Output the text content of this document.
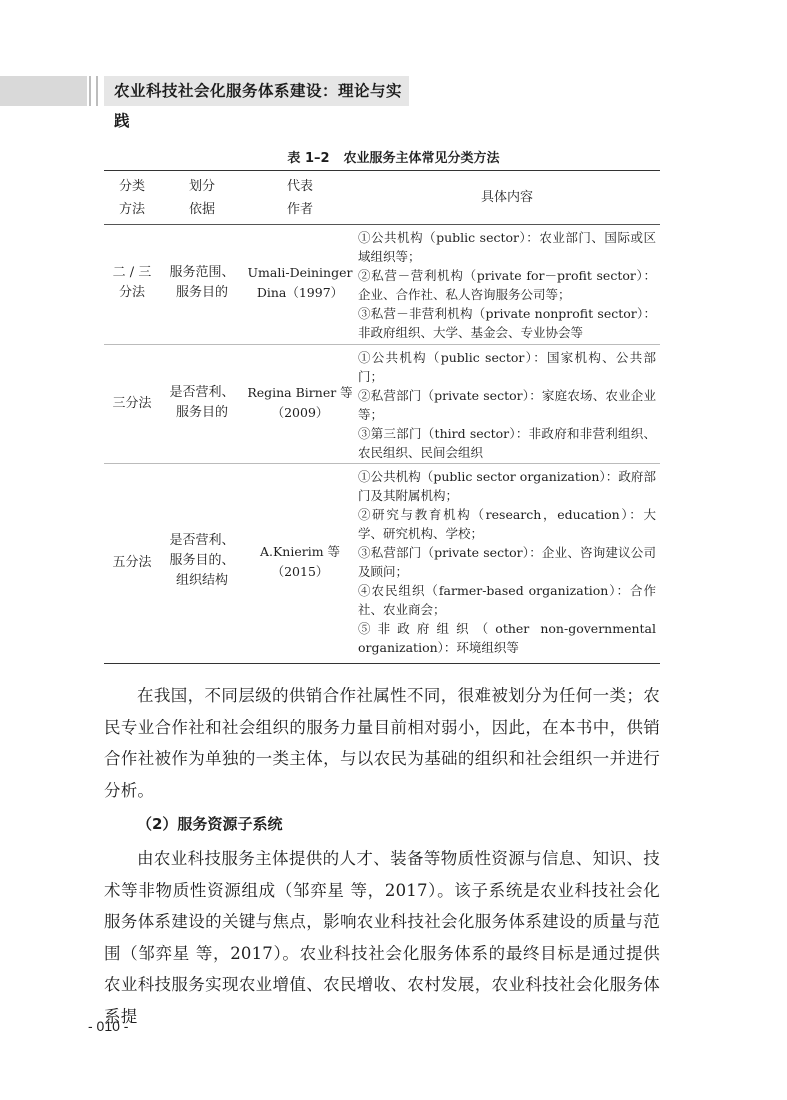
农业科技社会化服务体系建设：理论与实践
表 1–2 农业服务主体常见分类方法
分类
方法
划分
依据
代表
作者
具体内容
二 / 三
分法
服务范围、
服务目的
Umali-Deininger
Dina（1997）
①公共机构（public sector）：农业部门、国际或区域组织等；
②私营－营利机构（private for－profit sector）：企业、合作社、私人咨询服务公司等；
③私营－非营利机构（private nonprofit sector）：非政府组织、大学、基金会、专业协会等
三分法
是否营利、
服务目的
Regina Birner 等
（2009）
①公共机构（public sector）：国家机构、公共部门；
②私营部门（private sector）：家庭农场、农业企业等；
③第三部门（third sector）：非政府和非营利组织、农民组织、民间会组织
五分法
是否营利、
服务目的、
组织结构
A.Knierim 等
（2015）
①公共机构（public sector organization）：政府部门及其附属机构；
②研究与教育机构（research，education）：大学、研究机构、学校；
③私营部门（private sector）：企业、咨询建议公司及顾问；
④农民组织（farmer-based organization）：合作社、农业商会；
⑤非政府组织（other non-governmental organization）：环境组织等
在我国，不同层级的供销合作社属性不同，很难被划分为任何一类；农民专业合作社和社会组织的服务力量目前相对弱小，因此，在本书中，供销合作社被作为单独的一类主体，与以农民为基础的组织和社会组织一并进行分析。
（2）服务资源子系统
由农业科技服务主体提供的人才、装备等物质性资源与信息、知识、技术等非物质性资源组成（邹弈星 等，2017）。该子系统是农业科技社会化服务体系建设的关键与焦点，影响农业科技社会化服务体系建设的质量与范围（邹弈星 等，2017）。农业科技社会化服务体系的最终目标是通过提供农业科技服务实现农业增值、农民增收、农村发展，农业科技社会化服务体系提
- 010 -
